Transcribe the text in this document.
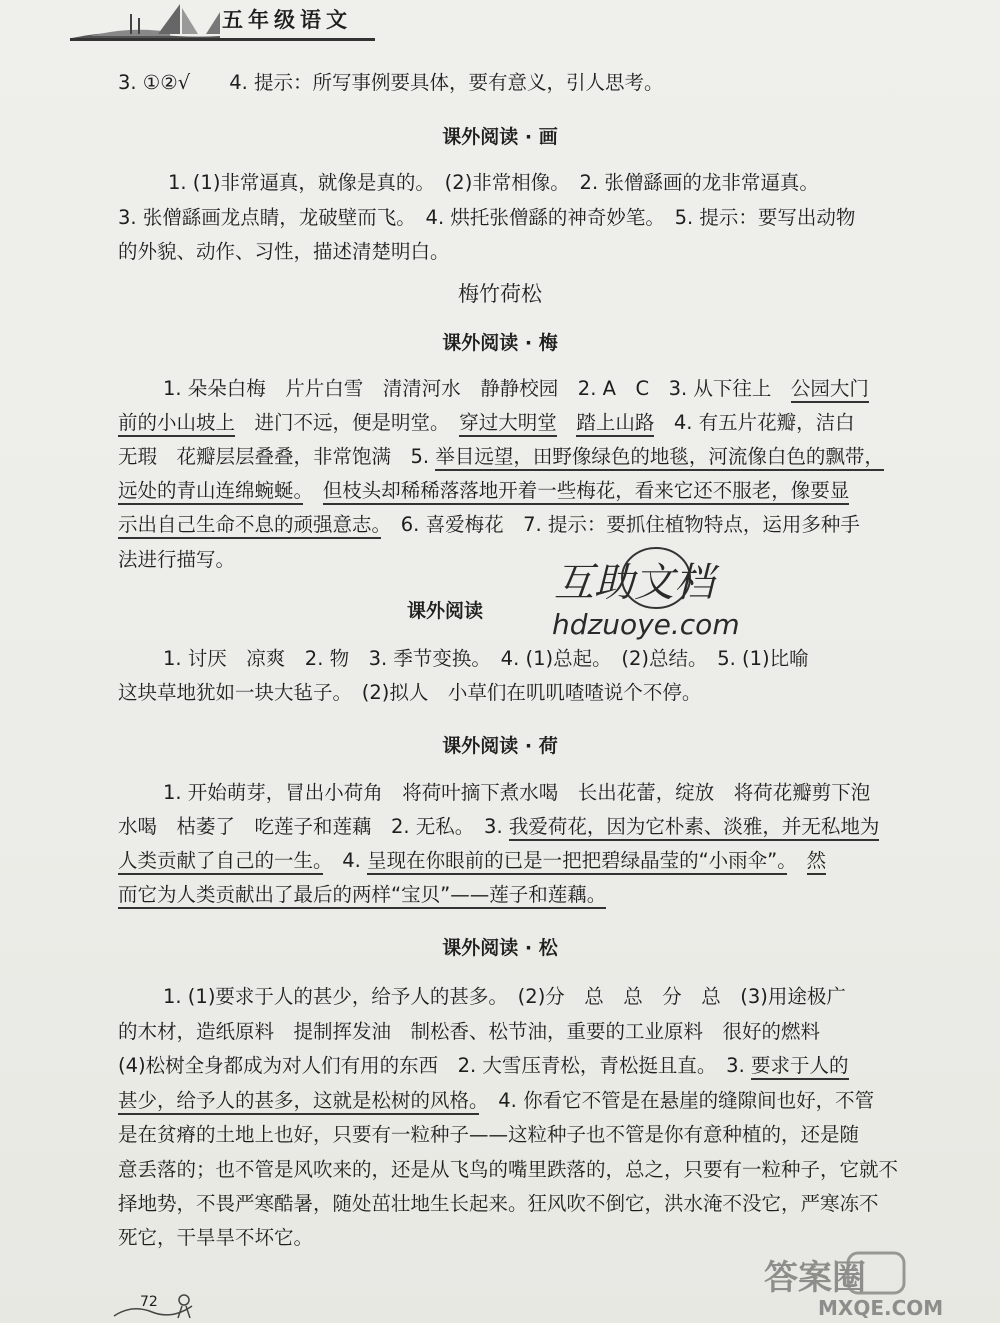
五年级语文
3. ①②√　　4. 提示：所写事例要具体，要有意义，引人思考。
课外阅读 · 画
1. (1)非常逼真，就像是真的。　(2)非常相像。　2. 张僧繇画的龙非常逼真。
3. 张僧繇画龙点睛，龙破壁而飞。　4. 烘托张僧繇的神奇妙笔。　5. 提示：要写出动物
的外貌、动作、习性，描述清楚明白。
梅竹荷松
课外阅读 · 梅
1. 朵朵白梅　片片白雪　清清河水　静静校园　2. A　C　3. 从下往上　公园大门
前的小山坡上　进门不远，便是明堂。　穿过大明堂　 踏上山路　4. 有五片花瓣，洁白
无瑕　花瓣层层叠叠，非常饱满　5. 举目远望，田野像绿色的地毯，河流像白色的飘带，
远处的青山连绵蜿蜒。　 但枝头却稀稀落落地开着一些梅花，看来它还不服老，像要显
示出自己生命不息的顽强意志。　6. 喜爱梅花　7. 提示：要抓住植物特点，运用多种手
法进行描写。
互助文档
hdzuoye.com
课外阅读
1. 讨厌　凉爽　2. 物　3. 季节变换。　4. (1)总起。　(2)总结。　5. (1)比喻
这块草地犹如一块大毡子。　(2)拟人　小草们在叽叽喳喳说个不停。
课外阅读 · 荷
1. 开始萌芽，冒出小荷角　将荷叶摘下煮水喝　长出花蕾，绽放　将荷花瓣剪下泡
水喝　枯萎了　吃莲子和莲藕　2. 无私。　3. 我爱荷花，因为它朴素、淡雅，并无私地为
人类贡献了自己的一生。　4. 呈现在你眼前的已是一把把碧绿晶莹的“小雨伞”。　 然
而它为人类贡献出了最后的两样“宝贝”——莲子和莲藕。
课外阅读 · 松
1. (1)要求于人的甚少，给予人的甚多。　(2)分　总　总　分　总　(3)用途极广
的木材，造纸原料　提制挥发油　制松香、松节油，重要的工业原料　很好的燃料
(4)松树全身都成为对人们有用的东西　2. 大雪压青松，青松挺且直。　3. 要求于人的
甚少，给予人的甚多，这就是松树的风格。　4. 你看它不管是在悬崖的缝隙间也好，不管
是在贫瘠的土地上也好，只要有一粒种子——这粒种子也不管是你有意种植的，还是随
意丢落的；也不管是风吹来的，还是从飞鸟的嘴里跌落的，总之，只要有一粒种子，它就不
择地势，不畏严寒酷暑，随处茁壮地生长起来。狂风吹不倒它，洪水淹不没它，严寒冻不
死它，干旱旱不坏它。
72
答案圈
MXQE.COM
